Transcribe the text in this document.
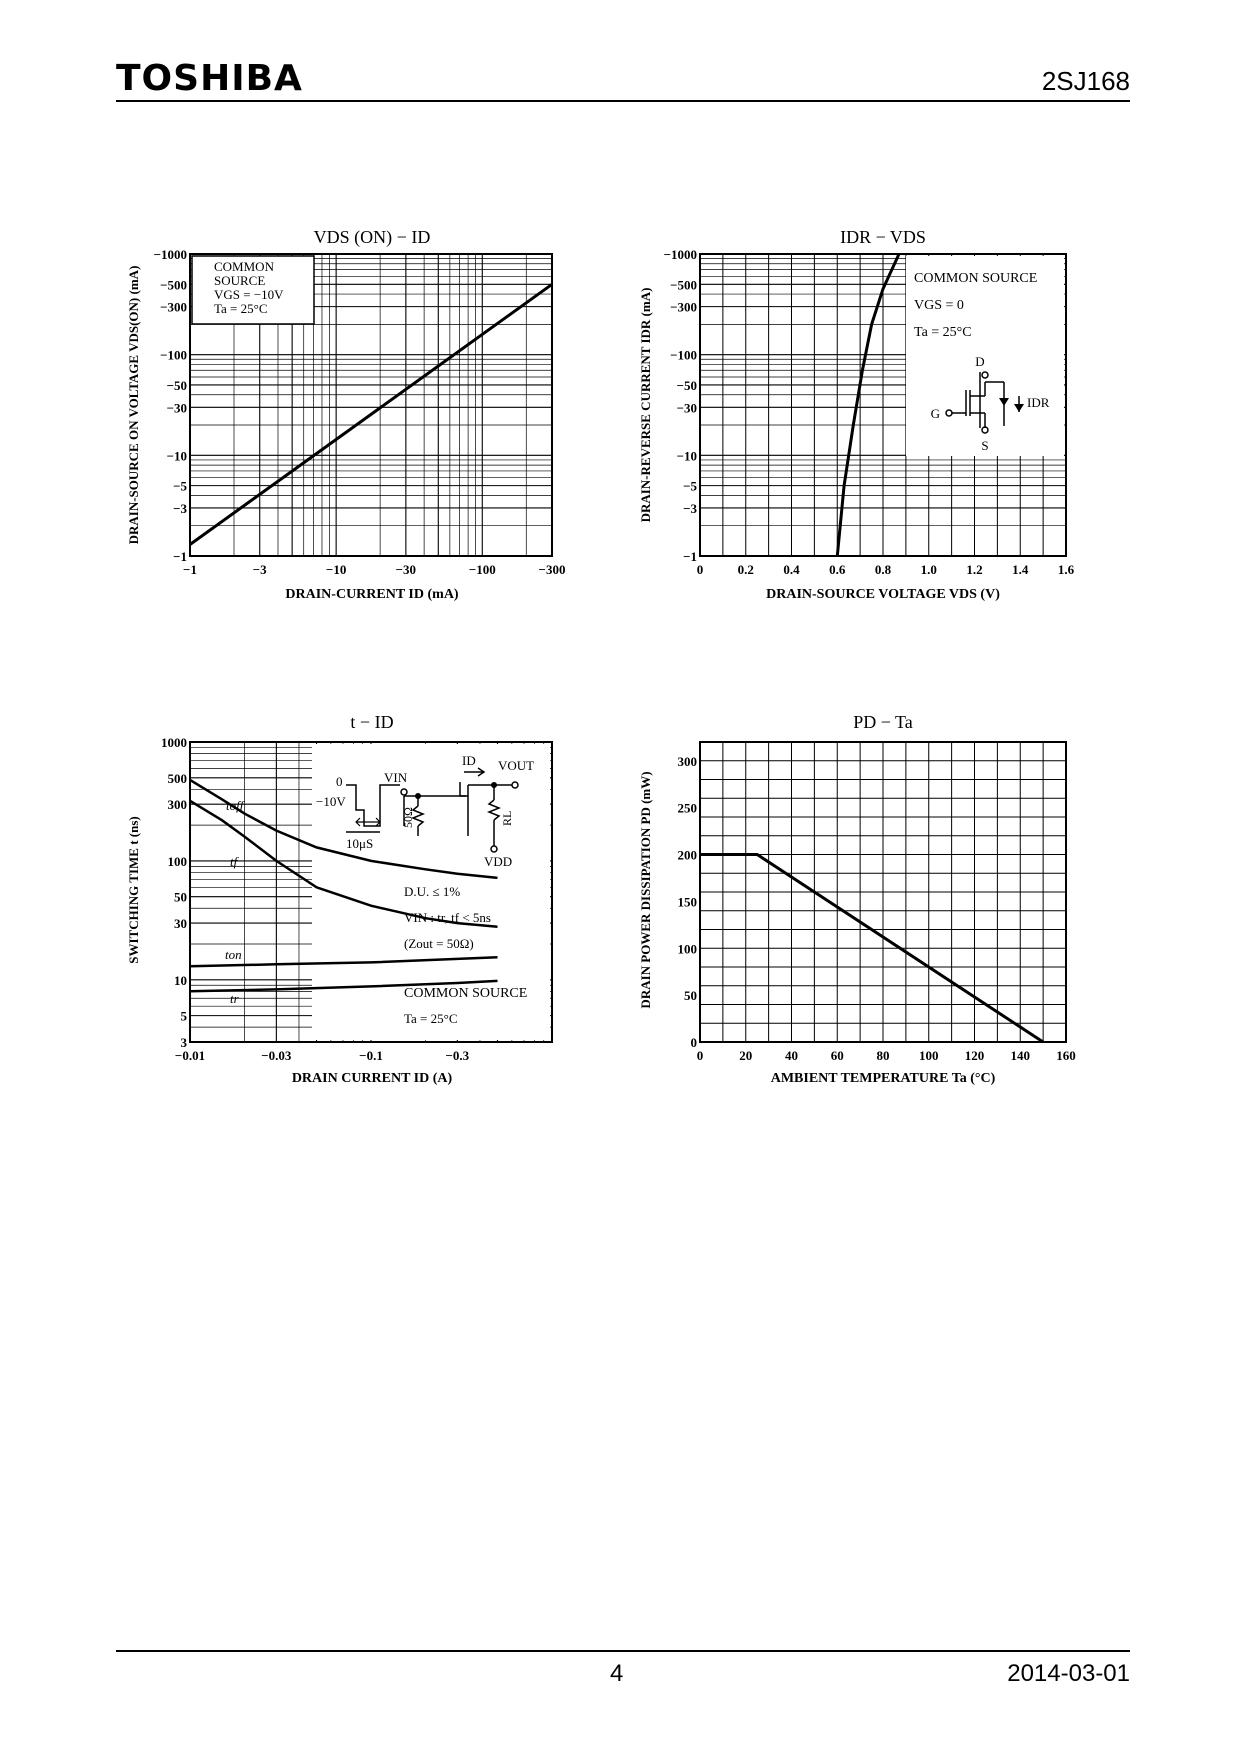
TOSHIBA	2SJ168
COMMON
SOURCE
VGS = −10V
Ta = 25°C
VDS (ON) − ID
−1	−3	−10	−30	−100	−300
−1000
−500
−300
−100
−50
−30
−10
−5
−3
−1
DRAIN-CURRENT ID (mA)
DRAIN-SOURCE ON VOLTAGE VDS(ON) (mA)	COMMON SOURCE
VGS = 0
Ta = 25°C
D
G
S
IDR
IDR − VDS
0	0.2 0.4 0.6 0.8 1.0 1.2 1.4 1.6
−1000
−500
−300
−100
−50
−30
−10
−5
−3
−1
DRAIN-SOURCE VOLTAGE VDS (V)
DRAIN-REVERSE CURRENT IDR (mA)
toff
tf
ton
tr
0	VIN
−10V
10μS
50Ω
ID VOUT
RL
VDD
D.U. ≤ 1%
VIN : tr, tf < 5ns
(Zout = 50Ω)
COMMON SOURCE
Ta = 25°C
t − ID
−0.01	−0.03	−0.1	−0.3
1000
500
300
100
50
30
10
5
3
DRAIN CURRENT ID (A)
SWITCHING TIME t (ns)
PD − Ta
0	20	40	60	80 100 120 140 160
300
250
200
150
100
50
0
AMBIENT TEMPERATURE Ta (°C)
DRAIN POWER DISSIPATION PD (mW)
4	2014-03-01
